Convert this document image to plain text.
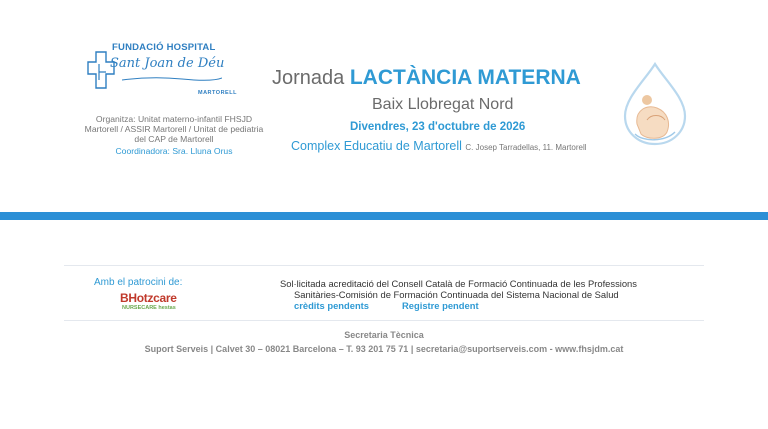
FUNDACIÓ HOSPITAL
Sant Joan de Déu
MARTORELL
Organitza: Unitat materno-infantil FHSJD Martorell / ASSIR Martorell / Unitat de pediatria del CAP de Martorell
Coordinadora: Sra. Lluna Orus
Jornada LACTÀNCIA MATERNA
Baix Llobregat Nord
Divendres, 23 d'octubre de 2026
Complex Educatiu de Martorell C. Josep Tarradellas, 11. Martorell
Amb el patrocini de:
BHotzcare
NURSECARE hestas
Sol·licitada acreditació del Consell Català de Formació Continuada de les Professions
Sanitàries-Comisión de Formación Continuada del Sistema Nacional de Salud
crèdits pendents	Registre pendent
Secretaria Tècnica
Suport Serveis | Calvet 30 – 08021 Barcelona – T. 93 201 75 71 | secretaria@suportserveis.com - www.fhsjdm.cat
